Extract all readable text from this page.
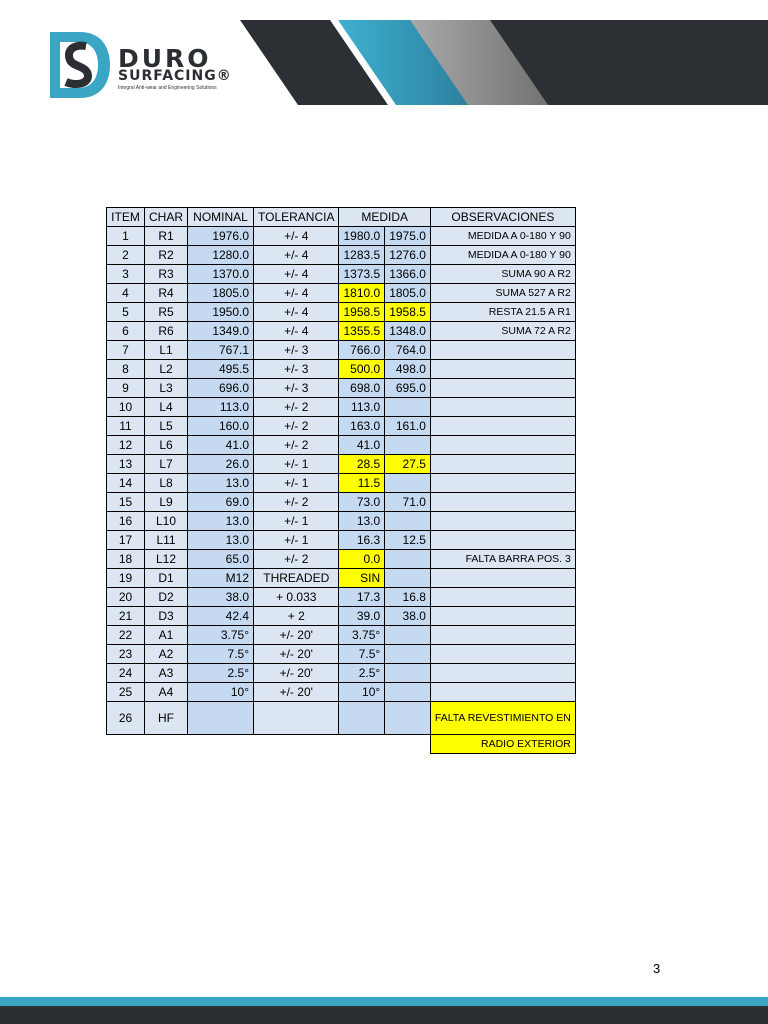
DURO
SURFACING®
Integral Anti-wear and Engineering Solutions
ITEM	CHAR	NOMINAL	TOLERANCIA	MEDIDA		OBSERVACIONES
1	R1	1976.0	+/- 4	1980.0	1975.0	MEDIDA A 0-180 Y 90
2	R2	1280.0	+/- 4	1283.5	1276.0	MEDIDA A 0-180 Y 90
3	R3	1370.0	+/- 4	1373.5	1366.0	SUMA 90 A R2
4	R4	1805.0	+/- 4	1810.0	1805.0	SUMA 527 A R2
5	R5	1950.0	+/- 4	1958.5	1958.5	RESTA 21.5 A R1
6	R6	1349.0	+/- 4	1355.5	1348.0	SUMA 72 A R2
7	L1	767.1	+/- 3	766.0	764.0	
8	L2	495.5	+/- 3	500.0	498.0	
9	L3	696.0	+/- 3	698.0	695.0	
10	L4	113.0	+/- 2	113.0		
11	L5	160.0	+/- 2	163.0	161.0	
12	L6	41.0	+/- 2	41.0		
13	L7	26.0	+/- 1	28.5	27.5	
14	L8	13.0	+/- 1	11.5		
15	L9	69.0	+/- 2	73.0	71.0	
16	L10	13.0	+/- 1	13.0		
17	L11	13.0	+/- 1	16.3	12.5	
18	L12	65.0	+/- 2	0.0		FALTA BARRA POS. 3
19	D1	M12	THREADED	SIN		
20	D2	38.0	+ 0.033	17.3	16.8	
21	D3	42.4	+ 2	39.0	38.0	
22	A1	3.75°	+/- 20'	3.75°		
23	A2	7.5°	+/- 20'	7.5°		
24	A3	2.5°	+/- 20'	2.5°		
25	A4	10°	+/- 20'	10°		
26	HF					FALTA REVESTIMIENTO EN
						RADIO EXTERIOR
3
